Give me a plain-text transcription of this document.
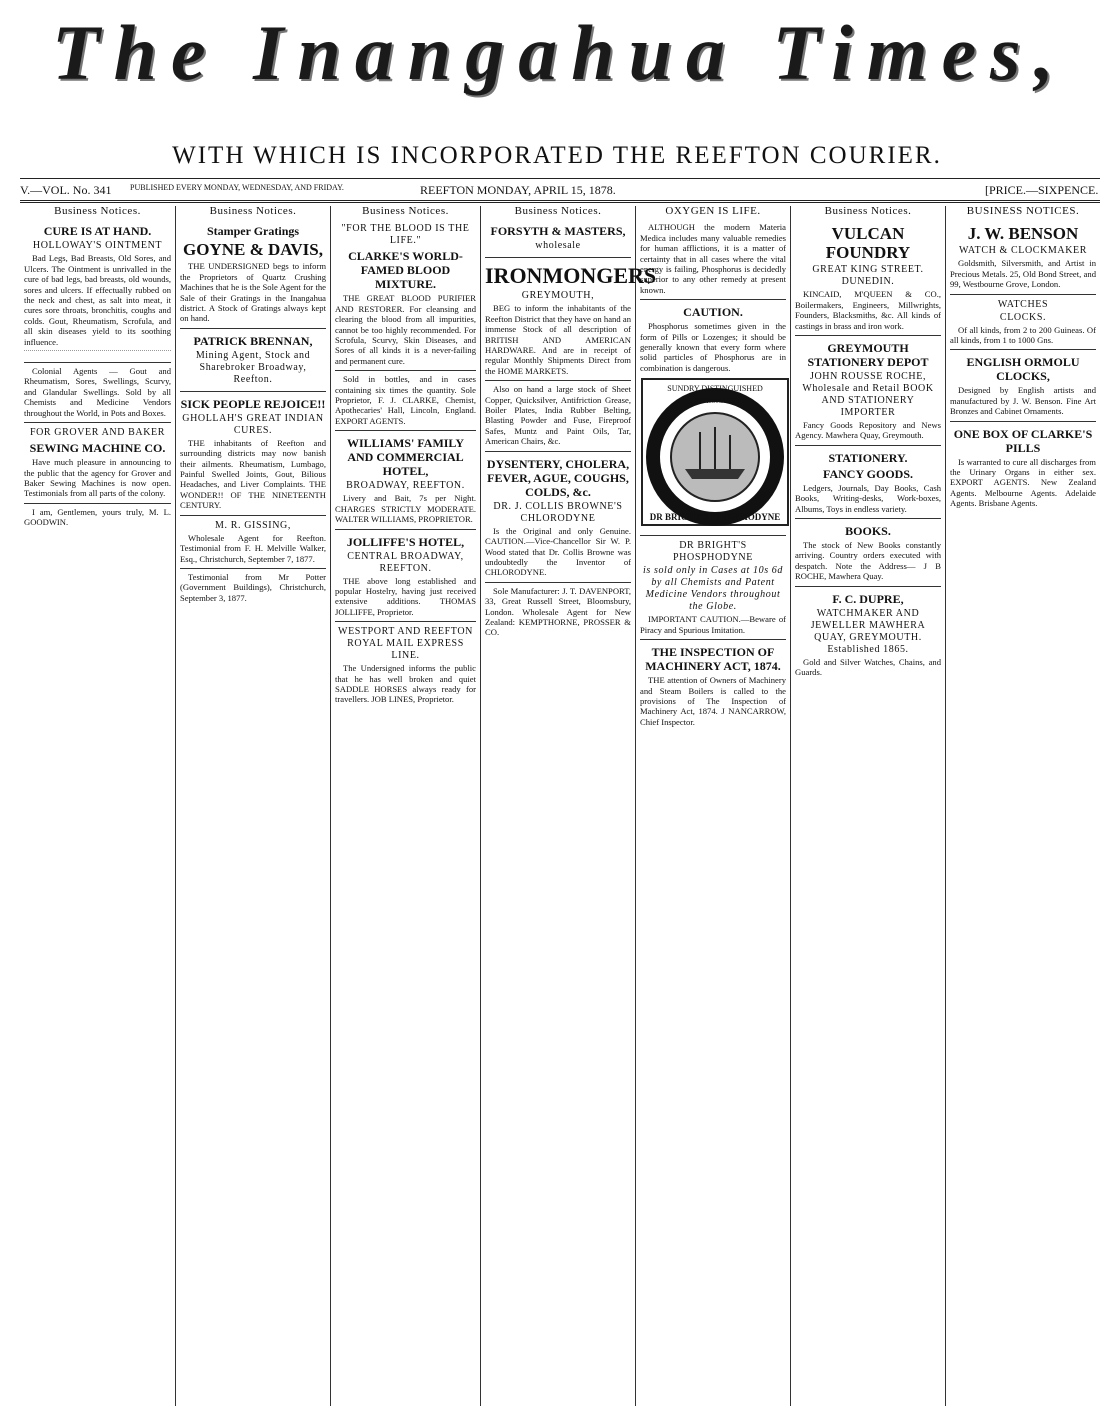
The Inangahua Times,
WITH WHICH IS INCORPORATED THE REEFTON COURIER.
V.—VOL. No. 341 PUBLISHED EVERY MONDAY, WEDNESDAY, AND FRIDAY.	REEFTON MONDAY, APRIL 15, 1878.	[PRICE.—SIXPENCE.
Business Notices.
CURE IS AT HAND.
HOLLOWAY'S OINTMENT

Bad Legs, Bad Breasts, Old Sores, and Ulcers. The Ointment is unrivalled in the cure of bad legs, bad breasts, old wounds, sores and ulcers. If effectually rubbed on the neck and chest, as salt into meat, it cures sore throats, bronchitis, coughs and colds. Gout, Rheumatism, Scrofula, and all skin diseases yield to its soothing influence.

Colonial Agents — Gout and Rheumatism, Sores, Swellings, Scurvy, and Glandular Swellings. Sold by all Chemists and Medicine Vendors throughout the World, in Pots and Boxes.

FOR GROVER AND BAKER
SEWING MACHINE CO.

Have much pleasure in announcing to the public that the agency for Grover and Baker Sewing Machines is now open. Testimonials from all parts of the colony.

I am, Gentlemen, yours truly, M. L. GOODWIN.

Business Notices.
Stamper Gratings
GOYNE & DAVIS,

THE UNDERSIGNED begs to inform the Proprietors of Quartz Crushing Machines that he is the Sole Agent for the Sale of their Gratings in the Inangahua district. A Stock of Gratings always kept on hand.

PATRICK BRENNAN,
Mining Agent, Stock and Sharebroker Broadway, Reefton.
SICK PEOPLE REJOICE!!
GHOLLAH'S GREAT INDIAN CURES.

THE inhabitants of Reefton and surrounding districts may now banish their ailments. Rheumatism, Lumbago, Painful Swelled Joints, Gout, Bilious Headaches, and Liver Complaints. THE WONDER!! OF THE NINETEENTH CENTURY.

M. R. GISSING,

Wholesale Agent for Reefton. Testimonial from F. H. Melville Walker, Esq., Christchurch, September 7, 1877.

Testimonial from Mr Potter (Government Buildings), Christchurch, September 3, 1877.

Business Notices.
"FOR THE BLOOD IS THE LIFE."
CLARKE'S WORLD-FAMED BLOOD MIXTURE.

THE GREAT BLOOD PURIFIER AND RESTORER. For cleansing and clearing the blood from all impurities, cannot be too highly recommended. For Scrofula, Scurvy, Skin Diseases, and Sores of all kinds it is a never-failing and permanent cure.

Sold in bottles, and in cases containing six times the quantity. Sole Proprietor, F. J. CLARKE, Chemist, Apothecaries' Hall, Lincoln, England. EXPORT AGENTS.

WILLIAMS' FAMILY AND COMMERCIAL HOTEL,
BROADWAY, REEFTON.

Livery and Bait, 7s per Night. CHARGES STRICTLY MODERATE. WALTER WILLIAMS, PROPRIETOR.

JOLLIFFE'S HOTEL,
CENTRAL BROADWAY, REEFTON.

THE above long established and popular Hostelry, having just received extensive additions. THOMAS JOLLIFFE, Proprietor.

WESTPORT AND REEFTON ROYAL MAIL EXPRESS LINE.

The Undersigned informs the public that he has well broken and quiet SADDLE HORSES always ready for travellers. JOB LINES, Proprietor.

Business Notices.
FORSYTH & MASTERS,
wholesale
IRONMONGERS
GREYMOUTH,

BEG to inform the inhabitants of the Reefton District that they have on hand an immense Stock of all description of BRITISH AND AMERICAN HARDWARE. And are in receipt of regular Monthly Shipments Direct from the HOME MARKETS.

Also on hand a large stock of Sheet Copper, Quicksilver, Antifriction Grease, Boiler Plates, India Rubber Belting, Blasting Powder and Fuse, Fireproof Safes, Muntz and Paint Oils, Tar, American Chairs, &c.

DYSENTERY, CHOLERA, FEVER, AGUE, COUGHS, COLDS, &c.
DR. J. COLLIS BROWNE'S CHLORODYNE

Is the Original and only Genuine. CAUTION.—Vice-Chancellor Sir W. P. Wood stated that Dr. Collis Browne was undoubtedly the Inventor of CHLORODYNE.

Sole Manufacturer: J. T. DAVENPORT, 33, Great Russell Street, Bloomsbury, London. Wholesale Agent for New Zealand: KEMPTHORNE, PROSSER & CO.

OXYGEN IS LIFE.

ALTHOUGH the modern Materia Medica includes many valuable remedies for human afflictions, it is a matter of certainty that in all cases where the vital energy is failing, Phosphorus is decidedly superior to any other remedy at present known.

CAUTION.

Phosphorus sometimes given in the form of Pills or Lozenges; it should be generally known that every form where solid particles of Phosphorus are in combination is dangerous.

SUNDRY DISTINGUISHED
PATRONAGE
DR BRIGHT'S PHOSPHODYNE
DR BRIGHT'S PHOSPHODYNE
is sold only in Cases at 10s 6d by all Chemists and Patent Medicine Vendors throughout the Globe.

IMPORTANT CAUTION.—Beware of Piracy and Spurious Imitation.

THE INSPECTION OF MACHINERY ACT, 1874.

THE attention of Owners of Machinery and Steam Boilers is called to the provisions of The Inspection of Machinery Act, 1874. J NANCARROW, Chief Inspector.

Business Notices.
VULCAN FOUNDRY
GREAT KING STREET. DUNEDIN.

KINCAID, M'QUEEN & CO., Boilermakers, Engineers, Millwrights, Founders, Blacksmiths, &c. All kinds of castings in brass and iron work.

GREYMOUTH STATIONERY DEPOT
JOHN ROUSSE ROCHE, Wholesale and Retail BOOK AND STATIONERY IMPORTER

Fancy Goods Repository and News Agency. Mawhera Quay, Greymouth.

STATIONERY.
FANCY GOODS.

Ledgers, Journals, Day Books, Cash Books, Writing-desks, Work-boxes, Albums, Toys in endless variety.

BOOKS.

The stock of New Books constantly arriving. Country orders executed with despatch. Note the Address— J B ROCHE, Mawhera Quay.

F. C. DUPRE,
WATCHMAKER AND JEWELLER MAWHERA QUAY, GREYMOUTH. Established 1865.

Gold and Silver Watches, Chains, and Guards.

BUSINESS NOTICES.
J. W. BENSON
WATCH & CLOCKMAKER

Goldsmith, Silversmith, and Artist in Precious Metals. 25, Old Bond Street, and 99, Westbourne Grove, London.

WATCHES
CLOCKS.

Of all kinds, from 2 to 200 Guineas. Of all kinds, from 1 to 1000 Gns.

ENGLISH ORMOLU CLOCKS,

Designed by English artists and manufactured by J. W. Benson. Fine Art Bronzes and Cabinet Ornaments.

ONE BOX OF CLARKE'S PILLS

Is warranted to cure all discharges from the Urinary Organs in either sex. EXPORT AGENTS. New Zealand Agents. Melbourne Agents. Adelaide Agents. Brisbane Agents.
